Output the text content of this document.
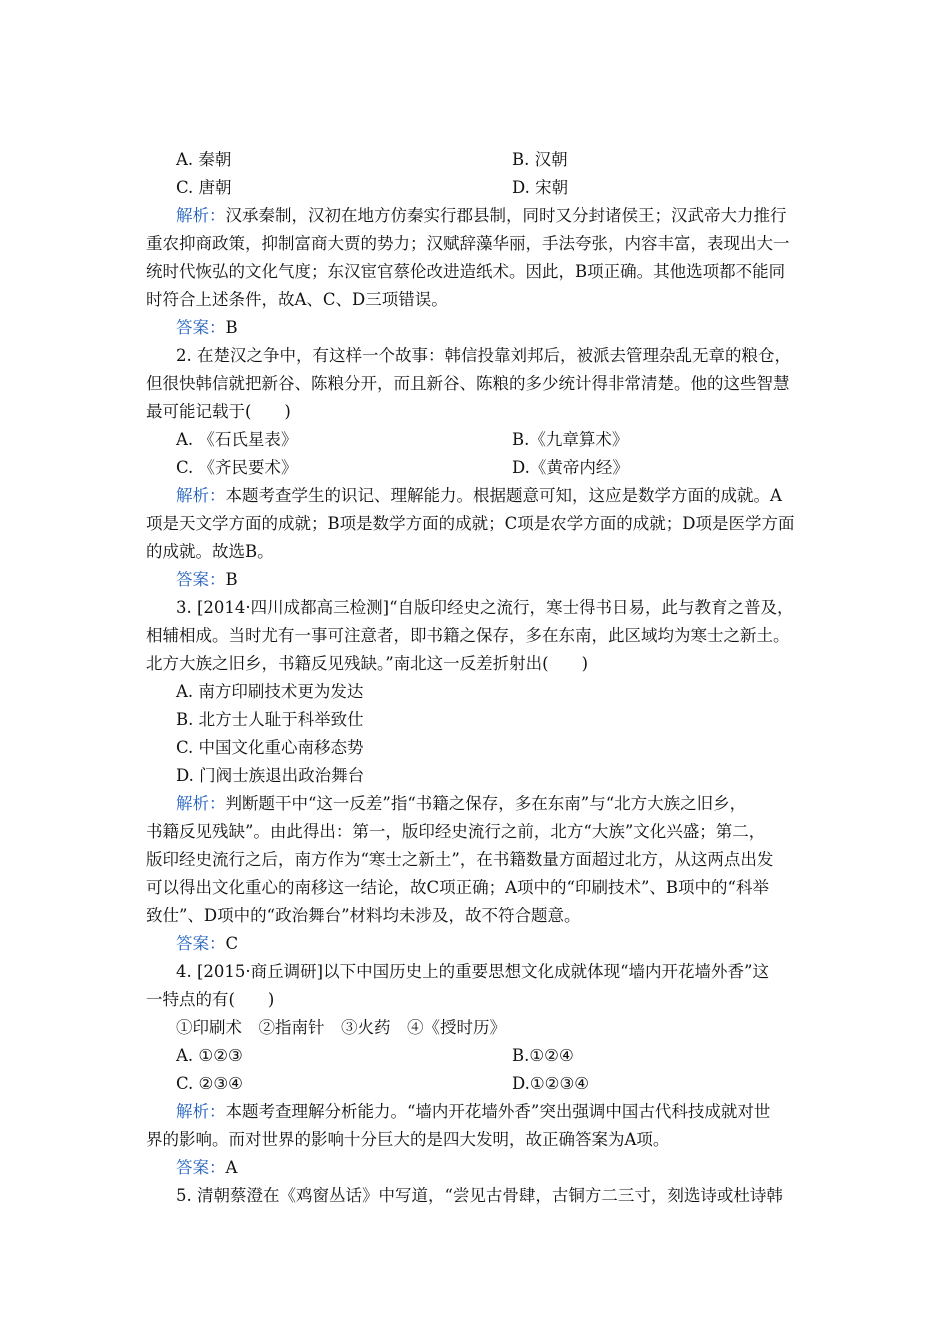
A. 秦朝	B. 汉朝
C. 唐朝	D. 宋朝
解析：汉承秦制，汉初在地方仿秦实行郡县制，同时又分封诸侯王；汉武帝大力推行
重农抑商政策，抑制富商大贾的势力；汉赋辞藻华丽，手法夸张，内容丰富，表现出大一
统时代恢弘的文化气度；东汉宦官蔡伦改进造纸术。因此，B项正确。其他选项都不能同
时符合上述条件，故A、C、D三项错误。
答案：B
2. 在楚汉之争中，有这样一个故事：韩信投靠刘邦后，被派去管理杂乱无章的粮仓，
但很快韩信就把新谷、陈粮分开，而且新谷、陈粮的多少统计得非常清楚。他的这些智慧
最可能记载于(　　)
A. 《石氏星表》	B.《九章算术》
C. 《齐民要术》	D.《黄帝内经》
解析：本题考查学生的识记、理解能力。根据题意可知，这应是数学方面的成就。A
项是天文学方面的成就；B项是数学方面的成就；C项是农学方面的成就；D项是医学方面
的成就。故选B。
答案：B
3. [2014·四川成都高三检测]“自版印经史之流行，寒士得书日易，此与教育之普及，
相辅相成。当时尤有一事可注意者，即书籍之保存，多在东南，此区域均为寒士之新土。
北方大族之旧乡，书籍反见残缺。”南北这一反差折射出(　　)
A. 南方印刷技术更为发达
B. 北方士人耻于科举致仕
C. 中国文化重心南移态势
D. 门阀士族退出政治舞台
解析：判断题干中“这一反差”指“书籍之保存，多在东南”与“北方大族之旧乡，
书籍反见残缺”。由此得出：第一，版印经史流行之前，北方“大族”文化兴盛；第二，
版印经史流行之后，南方作为“寒士之新土”，在书籍数量方面超过北方，从这两点出发
可以得出文化重心的南移这一结论，故C项正确；A项中的“印刷技术”、B项中的“科举
致仕”、D项中的“政治舞台”材料均未涉及，故不符合题意。
答案：C
4. [2015·商丘调研]以下中国历史上的重要思想文化成就体现“墙内开花墙外香”这
一特点的有(　　)
①印刷术　②指南针　③火药　④《授时历》
A. ①②③	B.①②④
C. ②③④	D.①②③④
解析：本题考查理解分析能力。“墙内开花墙外香”突出强调中国古代科技成就对世
界的影响。而对世界的影响十分巨大的是四大发明，故正确答案为A项。
答案：A
5. 清朝蔡澄在《鸡窗丛话》中写道，“尝见古骨肆，古铜方二三寸，刻选诗或杜诗韩
